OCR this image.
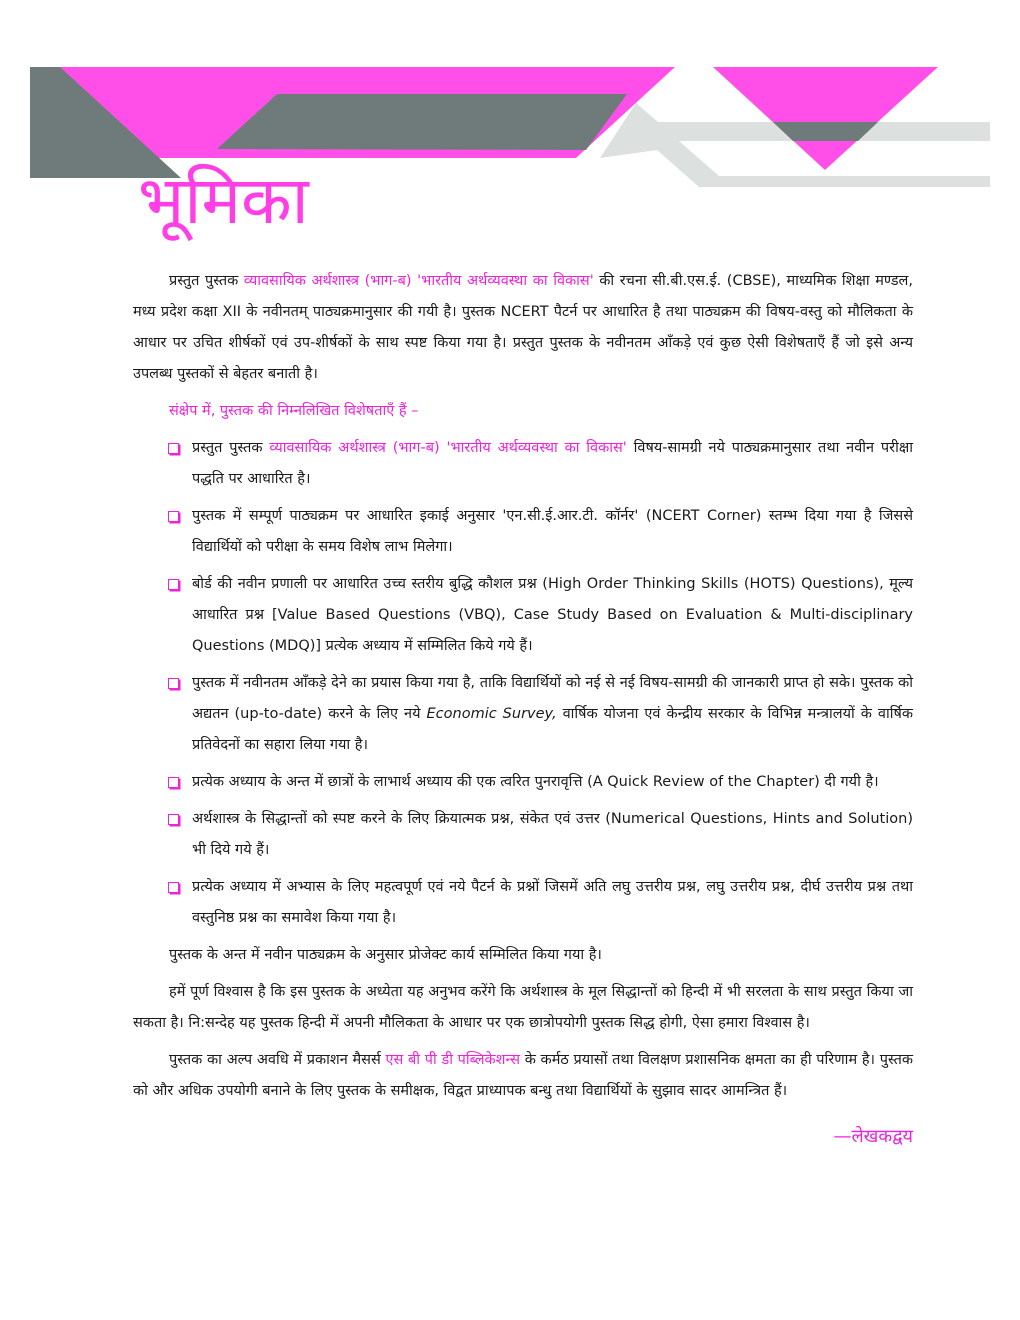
भूमिका

प्रस्तुत पुस्तक व्यावसायिक अर्थशास्त्र (भाग-ब) 'भारतीय अर्थव्यवस्था का विकास' की रचना सी.बी.एस.ई. (CBSE), माध्यमिक शिक्षा मण्डल, मध्य प्रदेश कक्षा XII के नवीनतम् पाठ्यक्रमानुसार की गयी है। पुस्तक NCERT पैटर्न पर आधारित है तथा पाठ्यक्रम की विषय-वस्तु को मौलिकता के आधार पर उचित शीर्षकों एवं उप-शीर्षकों के साथ स्पष्ट किया गया है। प्रस्तुत पुस्तक के नवीनतम आँकड़े एवं कुछ ऐसी विशेषताएँ हैं जो इसे अन्य उपलब्ध पुस्तकों से बेहतर बनाती है।

संक्षेप में, पुस्तक की निम्नलिखित विशेषताएँ हैं –

प्रस्तुत पुस्तक व्यावसायिक अर्थशास्त्र (भाग-ब) 'भारतीय अर्थव्यवस्था का विकास' विषय-सामग्री नये पाठ्यक्रमानुसार तथा नवीन परीक्षा पद्धति पर आधारित है।
पुस्तक में सम्पूर्ण पाठ्यक्रम पर आधारित इकाई अनुसार 'एन.सी.ई.आर.टी. कॉर्नर' (NCERT Corner) स्तम्भ दिया गया है जिससे विद्यार्थियों को परीक्षा के समय विशेष लाभ मिलेगा।
बोर्ड की नवीन प्रणाली पर आधारित उच्च स्तरीय बुद्धि कौशल प्रश्न (High Order Thinking Skills (HOTS) Questions), मूल्य आधारित प्रश्न [Value Based Questions (VBQ), Case Study Based on Evaluation & Multi-disciplinary Questions (MDQ)] प्रत्येक अध्याय में सम्मिलित किये गये हैं।
पुस्तक में नवीनतम आँकड़े देने का प्रयास किया गया है, ताकि विद्यार्थियों को नई से नई विषय-सामग्री की जानकारी प्राप्त हो सके। पुस्तक को अद्यतन (up-to-date) करने के लिए नये Economic Survey, वार्षिक योजना एवं केन्द्रीय सरकार के विभिन्न मन्त्रालयों के वार्षिक प्रतिवेदनों का सहारा लिया गया है।
प्रत्येक अध्याय के अन्त में छात्रों के लाभार्थ अध्याय की एक त्वरित पुनरावृत्ति (A Quick Review of the Chapter) दी गयी है।
अर्थशास्त्र के सिद्धान्तों को स्पष्ट करने के लिए क्रियात्मक प्रश्न, संकेत एवं उत्तर (Numerical Questions, Hints and Solution) भी दिये गये हैं।
प्रत्येक अध्याय में अभ्यास के लिए महत्वपूर्ण एवं नये पैटर्न के प्रश्नों जिसमें अति लघु उत्तरीय प्रश्न, लघु उत्तरीय प्रश्न, दीर्घ उत्तरीय प्रश्न तथा वस्तुनिष्ठ प्रश्न का समावेश किया गया है।

पुस्तक के अन्त में नवीन पाठ्यक्रम के अनुसार प्रोजेक्ट कार्य सम्मिलित किया गया है।

हमें पूर्ण विश्वास है कि इस पुस्तक के अध्येता यह अनुभव करेंगे कि अर्थशास्त्र के मूल सिद्धान्तों को हिन्दी में भी सरलता के साथ प्रस्तुत किया जा सकता है। नि:सन्देह यह पुस्तक हिन्दी में अपनी मौलिकता के आधार पर एक छात्रोपयोगी पुस्तक सिद्ध होगी, ऐसा हमारा विश्वास है।

पुस्तक का अल्प अवधि में प्रकाशन मैसर्स एस बी पी डी पब्लिकेशन्स के कर्मठ प्रयासों तथा विलक्षण प्रशासनिक क्षमता का ही परिणाम है। पुस्तक को और अधिक उपयोगी बनाने के लिए पुस्तक के समीक्षक, विद्वत प्राध्यापक बन्धु तथा विद्यार्थियों के सुझाव सादर आमन्त्रित हैं।

—लेखकद्वय
